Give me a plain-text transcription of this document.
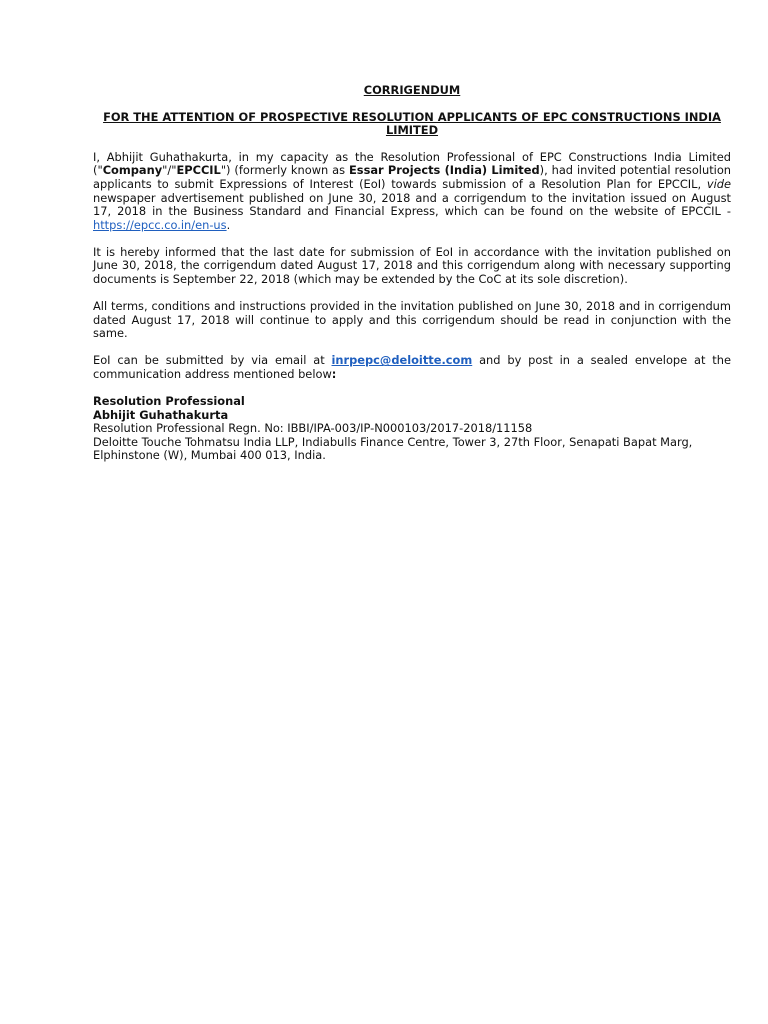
CORRIGENDUM
FOR THE ATTENTION OF PROSPECTIVE RESOLUTION APPLICANTS OF EPC CONSTRUCTIONS INDIA LIMITED

I, Abhijit Guhathakurta, in my capacity as the Resolution Professional of EPC Constructions India Limited ("Company"/"EPCCIL") (formerly known as Essar Projects (India) Limited), had invited potential resolution applicants to submit Expressions of Interest (EoI) towards submission of a Resolution Plan for EPCCIL, vide newspaper advertisement published on June 30, 2018 and a corrigendum to the invitation issued on August 17, 2018 in the Business Standard and Financial Express, which can be found on the website of EPCCIL - https://epcc.co.in/en-us.

It is hereby informed that the last date for submission of EoI in accordance with the invitation published on June 30, 2018, the corrigendum dated August 17, 2018 and this corrigendum along with necessary supporting documents is September 22, 2018 (which may be extended by the CoC at its sole discretion).

All terms, conditions and instructions provided in the invitation published on June 30, 2018 and in corrigendum dated August 17, 2018 will continue to apply and this corrigendum should be read in conjunction with the same.

EoI can be submitted by via email at inrpepc@deloitte.com and by post in a sealed envelope at the communication address mentioned below:

Resolution Professional
Abhijit Guhathakurta
Resolution Professional Regn. No: IBBI/IPA-003/IP-N000103/2017-2018/11158
Deloitte Touche Tohmatsu India LLP, Indiabulls Finance Centre, Tower 3, 27th Floor, Senapati Bapat Marg,
Elphinstone (W), Mumbai 400 013, India.
